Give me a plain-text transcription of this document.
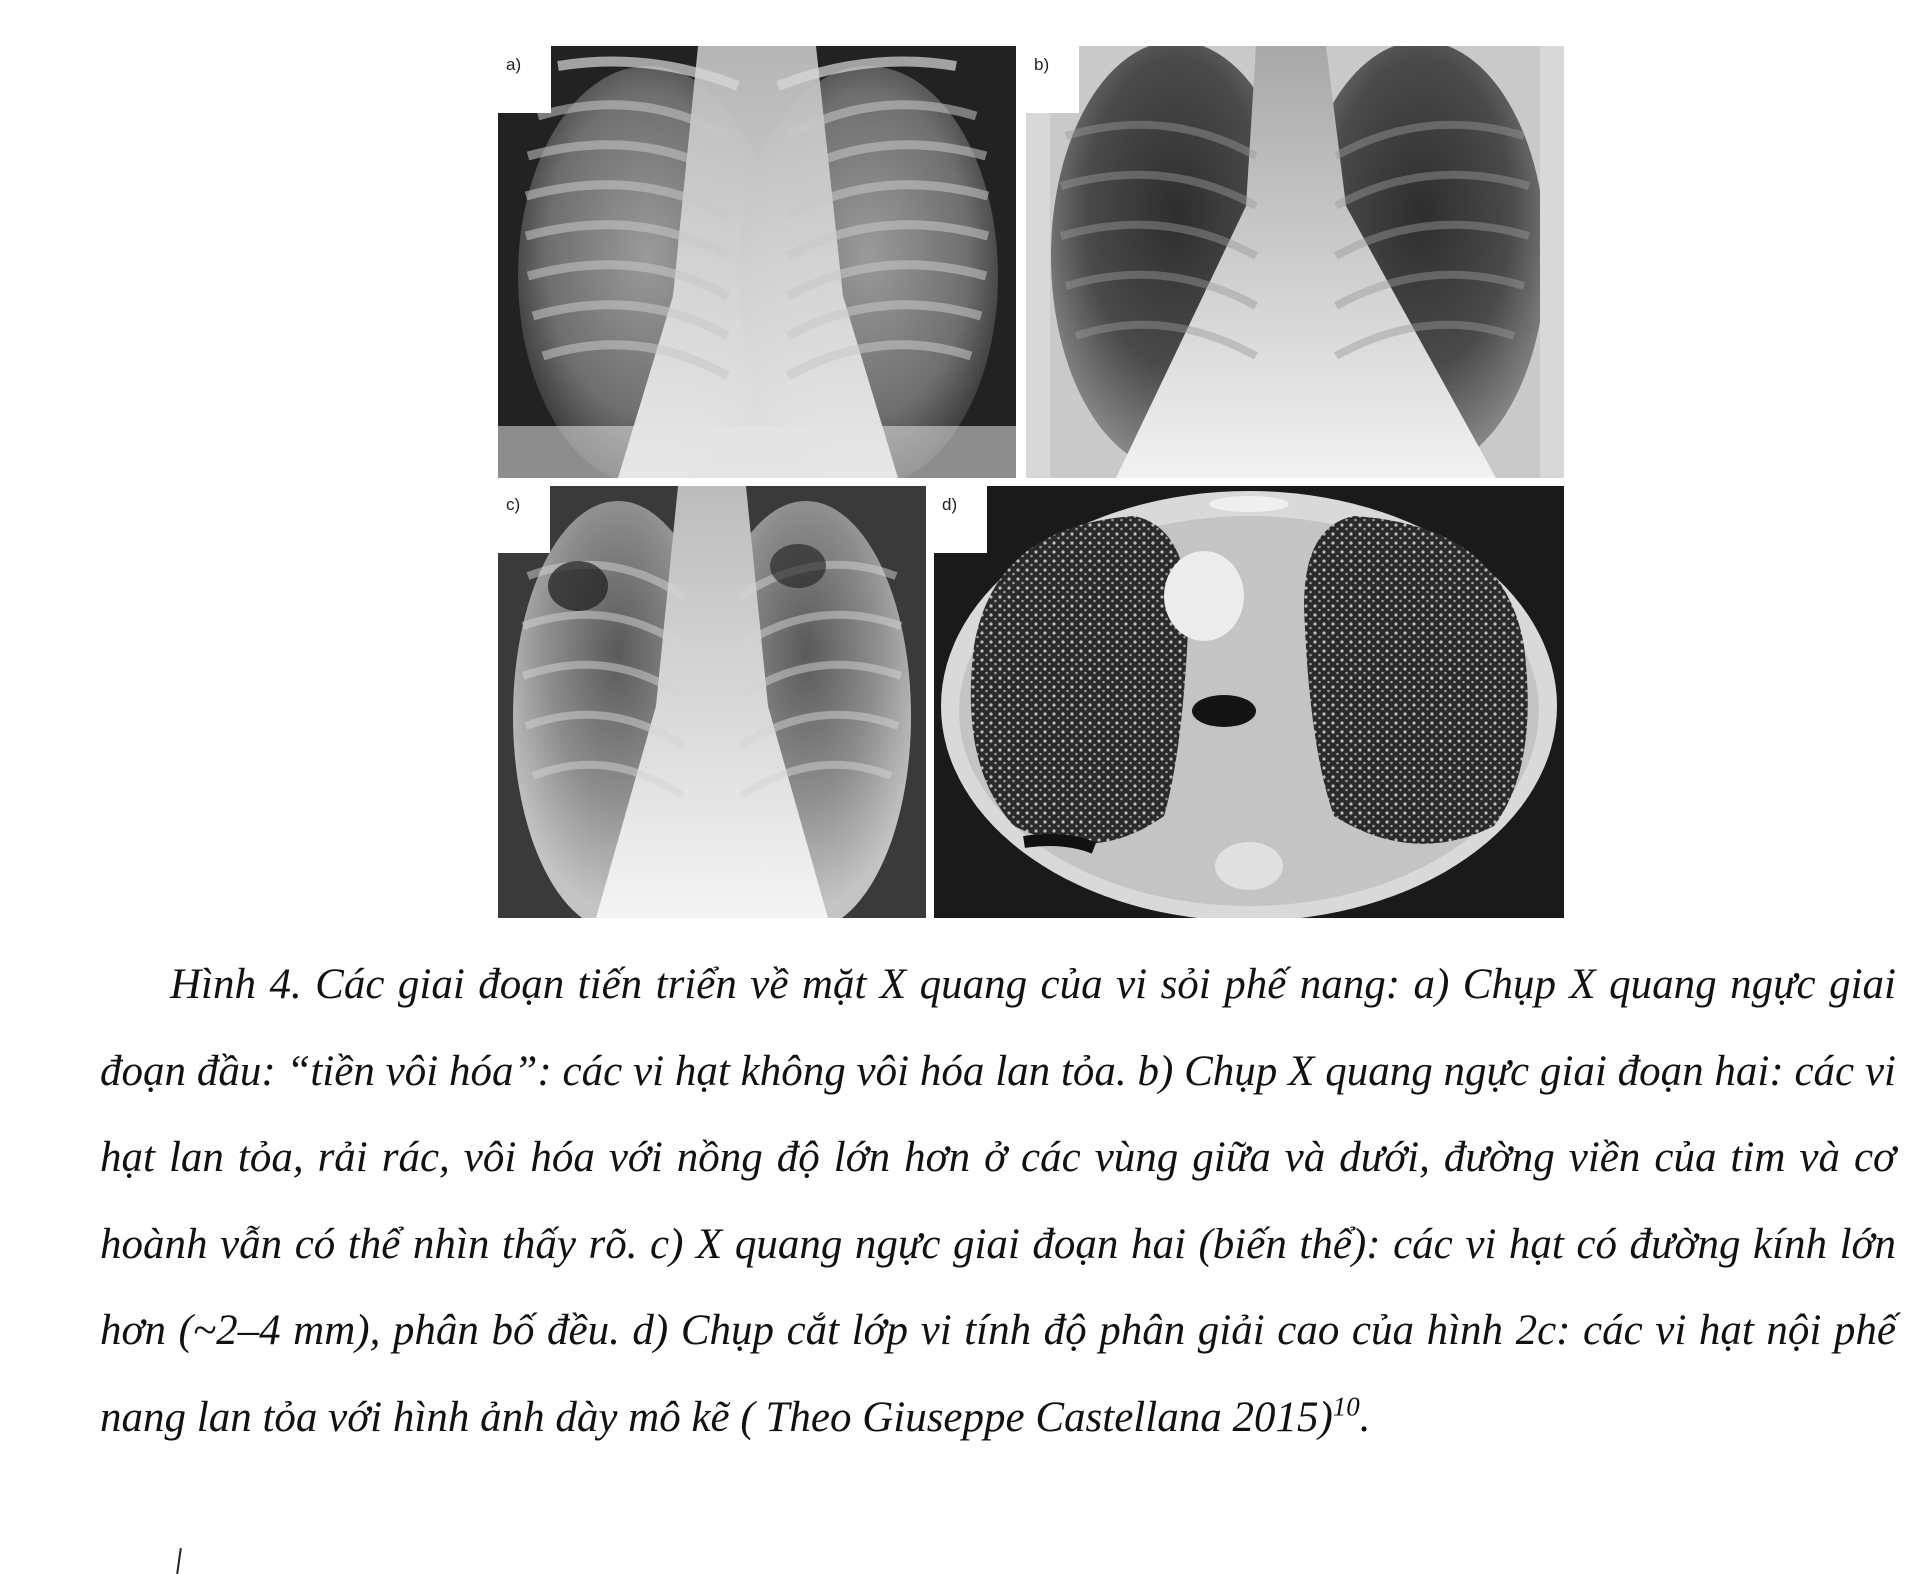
a)	b)
c)	d)

Hình 4. Các giai đoạn tiến triển về mặt X quang của vi sỏi phế nang: a) Chụp X quang ngực giai đoạn đầu: “tiền vôi hóa”: các vi hạt không vôi hóa lan tỏa. b) Chụp X quang ngực giai đoạn hai: các vi hạt lan tỏa, rải rác, vôi hóa với nồng độ lớn hơn ở các vùng giữa và dưới, đường viền của tim và cơ hoành vẫn có thể nhìn thấy rõ. c) X quang ngực giai đoạn hai (biến thể): các vi hạt có đường kính lớn hơn (~2–4 mm), phân bố đều. d) Chụp cắt lớp vi tính độ phân giải cao của hình 2c: các vi hạt nội phế nang lan tỏa với hình ảnh dày mô kẽ ( Theo Giuseppe Castellana 2015)$^{10}$.
